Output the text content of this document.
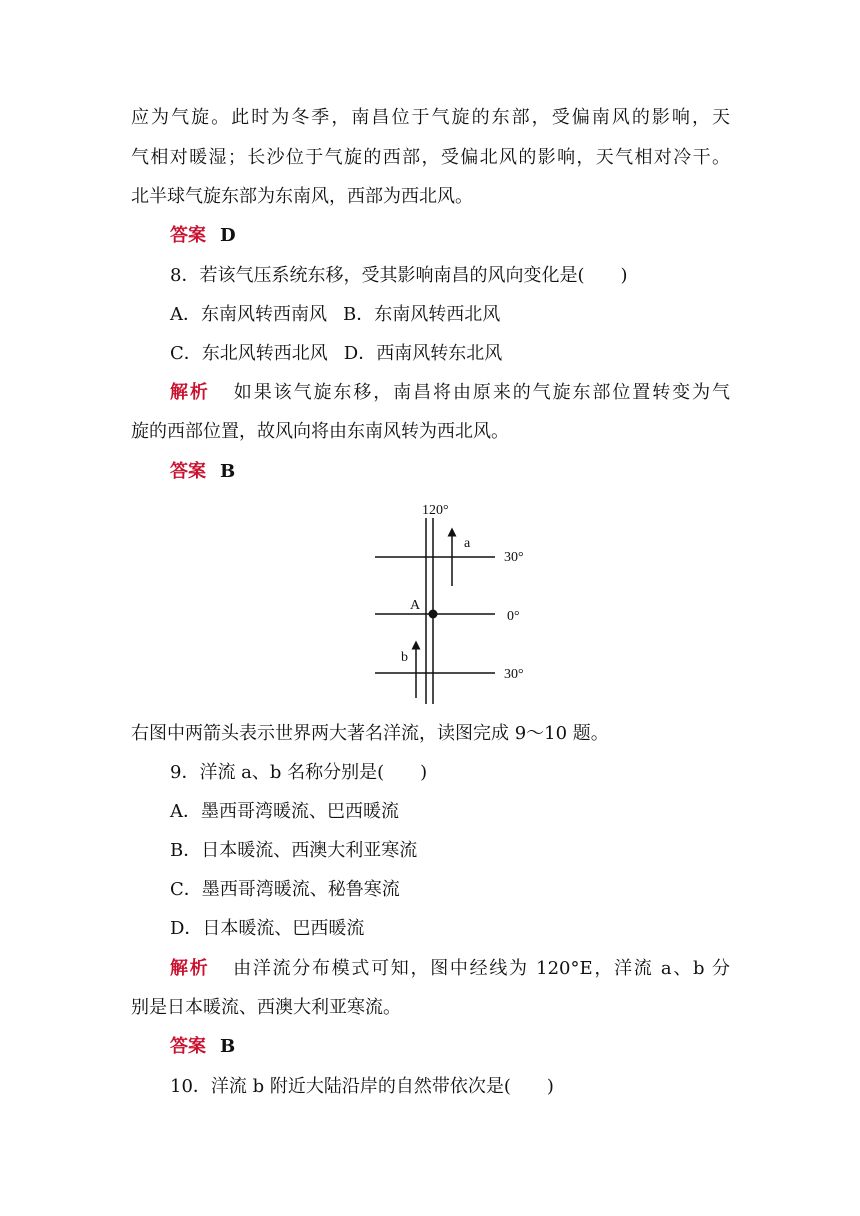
应为气旋。此时为冬季，南昌位于气旋的东部，受偏南风的影响，天
气相对暖湿；长沙位于气旋的西部，受偏北风的影响，天气相对冷干。
北半球气旋东部为东南风，西部为西北风。
答案 D
8．若该气压系统东移，受其影响南昌的风向变化是(　　)
A．东南风转西南风 B．东南风转西北风
C．东北风转西北风 D．西南风转东北风
解析 如果该气旋东移，南昌将由原来的气旋东部位置转变为气
旋的西部位置，故风向将由东南风转为西北风。
答案 B
120°
30°
0°
30°
A
a
b
右图中两箭头表示世界两大著名洋流，读图完成 9～10 题。
9．洋流 a、b 名称分别是(　　)
A．墨西哥湾暖流、巴西暖流
B．日本暖流、西澳大利亚寒流
C．墨西哥湾暖流、秘鲁寒流
D．日本暖流、巴西暖流
解析 由洋流分布模式可知，图中经线为 120°E，洋流 a、b 分
别是日本暖流、西澳大利亚寒流。
答案 B
10．洋流 b 附近大陆沿岸的自然带依次是(　　)
